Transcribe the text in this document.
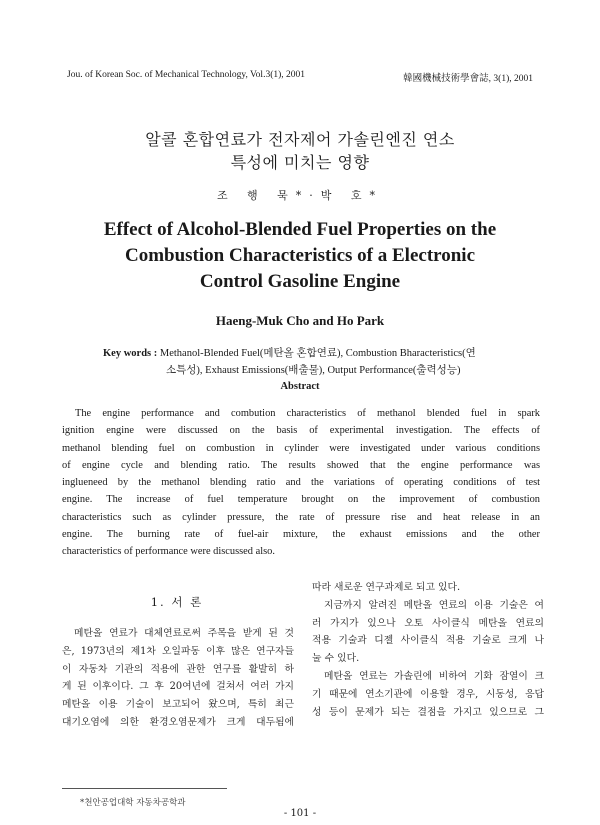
Jou. of Korean Soc. of Mechanical Technology, Vol.3(1), 2001	韓國機械技術學會誌, 3(1), 2001
알콜 혼합연료가 전자제어 가솔린엔진 연소
특성에 미치는 영향
조 행 묵*·박 호*
Effect of Alcohol-Blended Fuel Properties on the
Combustion Characteristics of a Electronic
Control Gasoline Engine
Haeng-Muk Cho and Ho Park
Key words : Methanol-Blended Fuel(메탄올 혼합연료), Combustion Bharacteristics(연
소특성), Exhaust Emissions(배출물), Output Performance(출력성능)
Abstract
The engine performance and combution characteristics of methanol blended fuel in spark
ignition engine were discussed on the basis of experimental investigation. The effects of
methanol blending fuel on combustion in cylinder were investigated under various conditions
of engine cycle and blending ratio. The results showed that the engine performance was
inglueneed by the methanol blending ratio and the variations of operating conditions of test
engine. The increase of fuel temperature brought on the improvement of combustion
characteristics such as cylinder pressure, the rate of pressure rise and heat release in an
engine. The burning rate of fuel-air mixture, the exhaust emissions and the other
characteristics of performance were discussed also.
1. 서 론
메탄올 연료가 대체연료로써 주목을 받게 된 것
은, 1973년의 제1차 오일파동 이후 많은 연구자들
이 자동차 기관의 적용에 관한 연구를 활발히 하
게 된 이후이다. 그 후 20여년에 걸쳐서 여러 가지
메탄올 이용 기술이 보고되어 왔으며, 특히 최근
대기오염에 의한 환경오염문제가 크게 대두됨에
따라 새로운 연구과제로 되고 있다.
지금까지 알려진 메탄올 연료의 이용 기술은 여
러 가지가 있으나 오토 사이클식 메탄올 연료의
적용 기술과 디젤 사이클식 적용 기술로 크게 나
눌 수 있다.
메탄올 연료는 가솔린에 비하여 기화 잠열이 크
기 때문에 연소기관에 이용할 경우, 시동성, 응답
성 등이 문제가 되는 결점을 가지고 있으므로 그
*천안공업대학 자동차공학과
- 101 -
